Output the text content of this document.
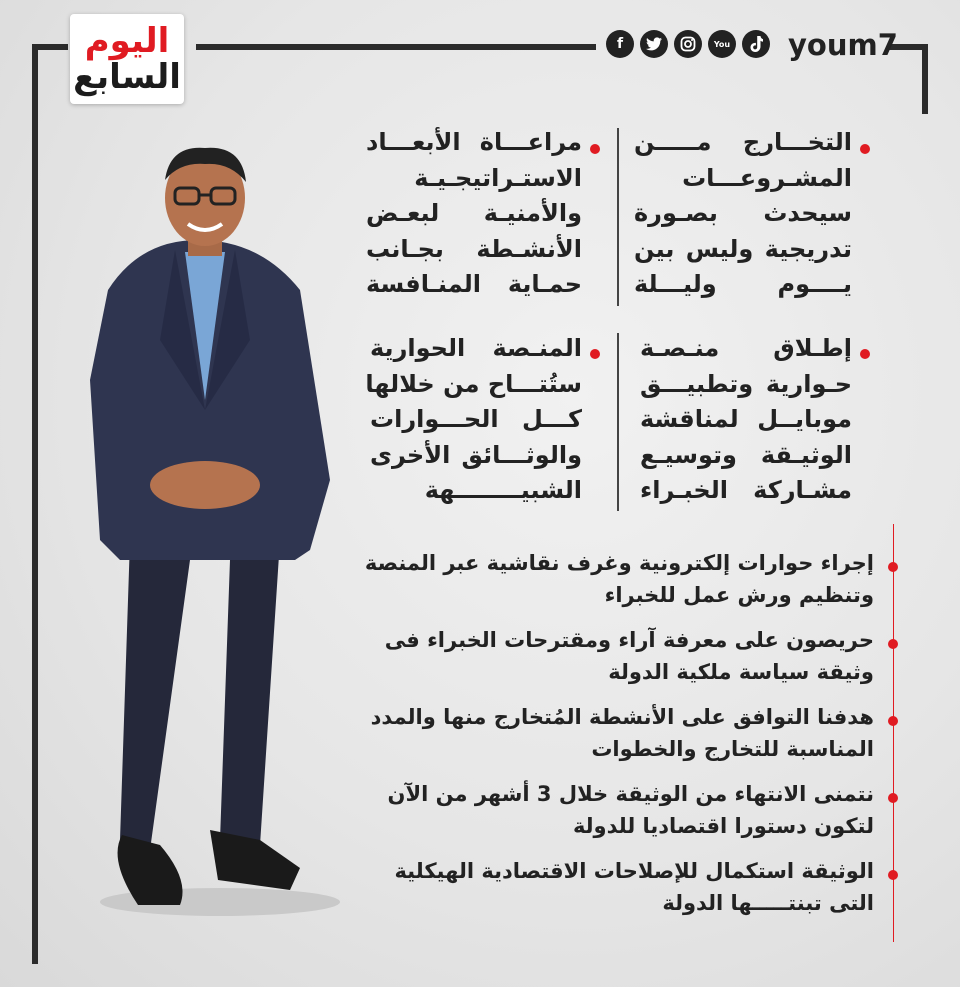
اليوم
السابع
f	You youm7
التخـــارج مـــــن
المشـروعـــات
سيحدث بصـورة
تدريجية وليس بين
يــــوم وليـــلة
مراعـــاة الأبعـــاد
الاستـراتيجـيـة
والأمنيـة لبعـض
الأنشـطة بجـانب
حمـاية المنـافسة
إطـلاق منـصـة
حـوارية وتطبيـــق
موبايــل لمناقشة
الوثيـقة وتوسيـع
مشـاركة الخبـراء
المنـصة الحوارية
ستُتـــاح من خلالها
كـــل الحـــوارات
والوثـــائق الأخرى
الشبيــــــــهة
إجراء حوارات إلكترونية وغرف نقاشية عبر المنصة
وتنظيم ورش عمل للخبراء
حريصون على معرفة آراء ومقترحات الخبراء فى
وثيقة سياسة ملكية الدولة
هدفنا التوافق على الأنشطة المُتخارج منها والمدد
المناسبة للتخارج والخطوات
نتمنى الانتهاء من الوثيقة خلال 3 أشهر من الآن
لتكون دستورا اقتصاديا للدولة
الوثيقة استكمال للإصلاحات الاقتصادية الهيكلية
التى تبنتـــــها الدولة
